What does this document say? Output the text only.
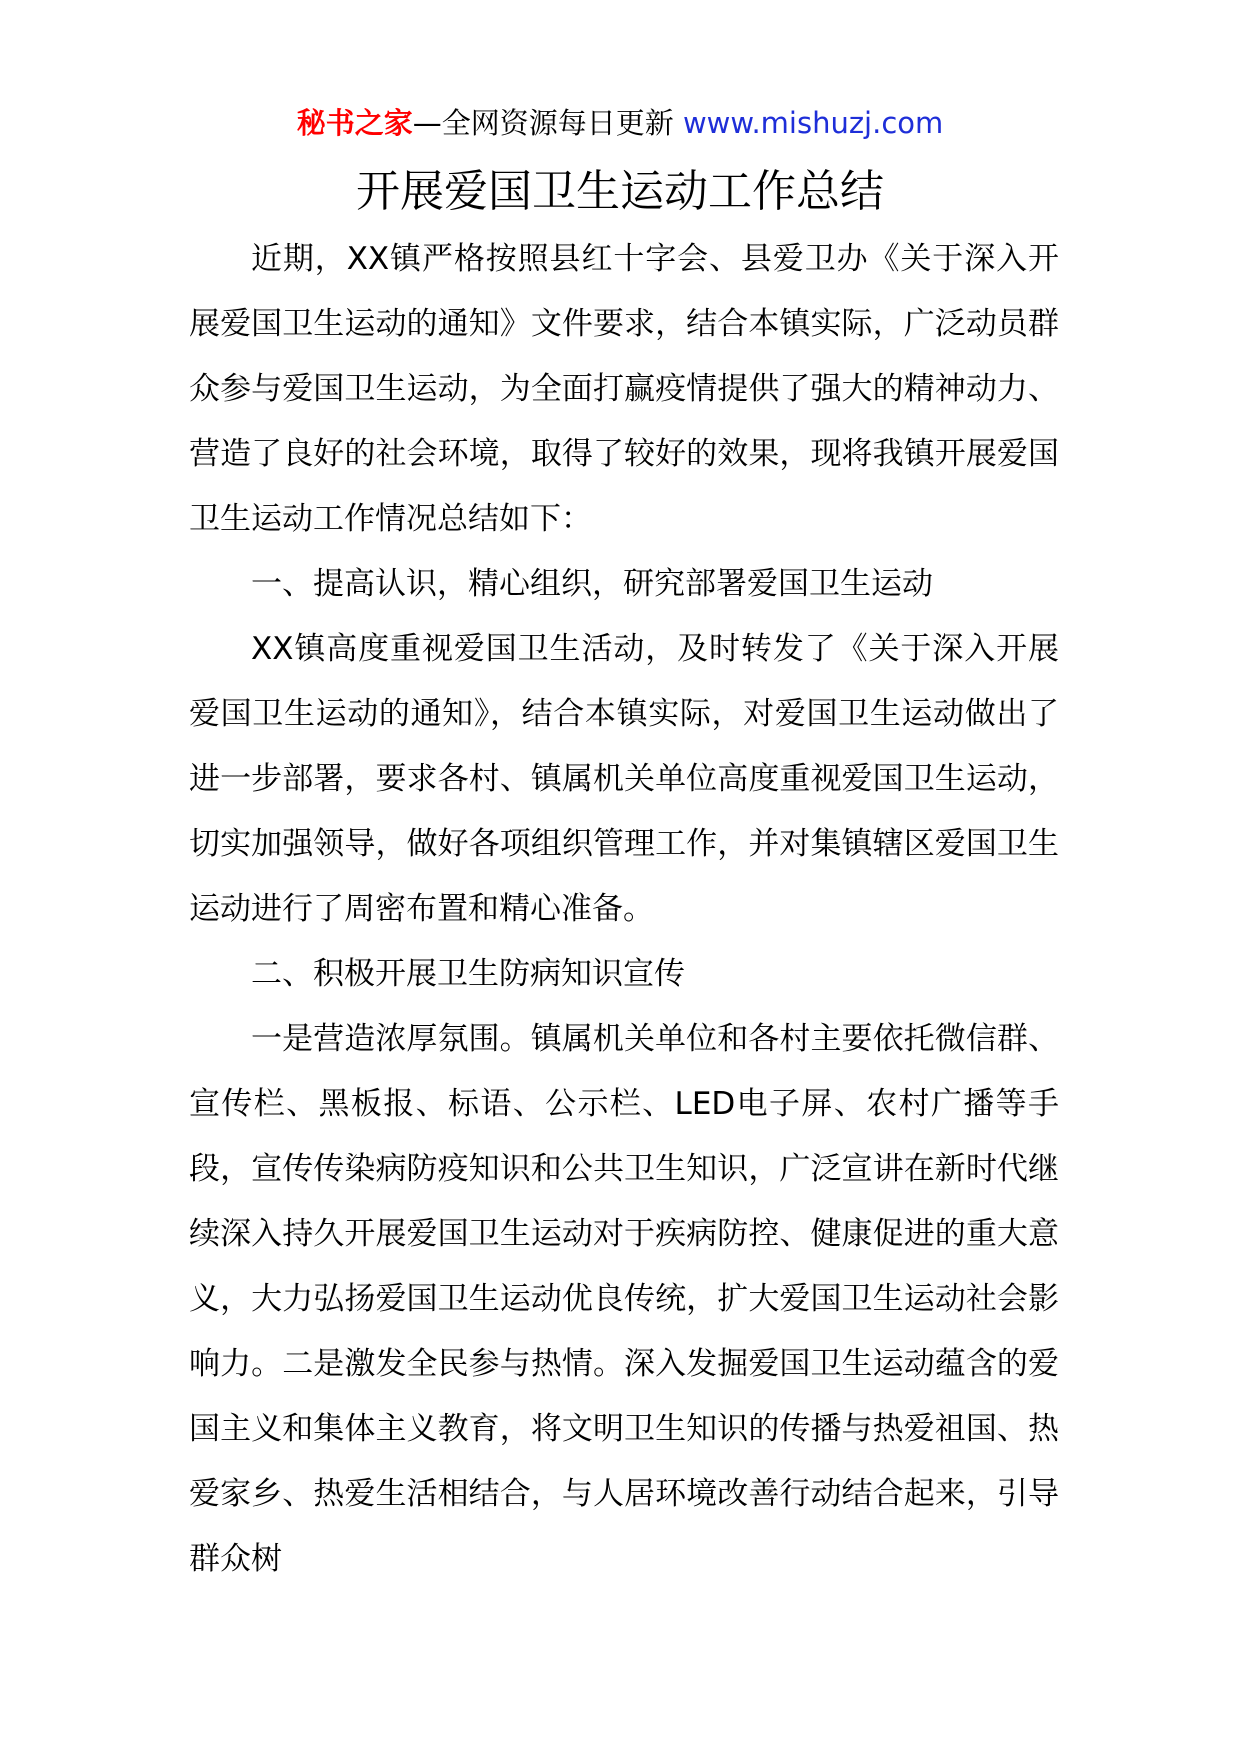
秘书之家—全网资源每日更新 www.mishuzj.com
开展爱国卫生运动工作总结

近期，XX镇严格按照县红十字会、县爱卫办《关于深入开展爱国卫生运动的通知》文件要求，结合本镇实际，广泛动员群众参与爱国卫生运动，为全面打赢疫情提供了强大的精神动力、营造了良好的社会环境，取得了较好的效果，现将我镇开展爱国卫生运动工作情况总结如下：

一、提高认识，精心组织，研究部署爱国卫生运动

XX镇高度重视爱国卫生活动，及时转发了《关于深入开展爱国卫生运动的通知》，结合本镇实际，对爱国卫生运动做出了进一步部署，要求各村、镇属机关单位高度重视爱国卫生运动，切实加强领导，做好各项组织管理工作，并对集镇辖区爱国卫生运动进行了周密布置和精心准备。

二、积极开展卫生防病知识宣传

一是营造浓厚氛围。镇属机关单位和各村主要依托微信群、宣传栏、黑板报、标语、公示栏、LED电子屏、农村广播等手段，宣传传染病防疫知识和公共卫生知识，广泛宣讲在新时代继续深入持久开展爱国卫生运动对于疾病防控、健康促进的重大意义，大力弘扬爱国卫生运动优良传统，扩大爱国卫生运动社会影响力。二是激发全民参与热情。深入发掘爱国卫生运动蕴含的爱国主义和集体主义教育，将文明卫生知识的传播与热爱祖国、热爱家乡、热爱生活相结合，与人居环境改善行动结合起来，引导群众树
